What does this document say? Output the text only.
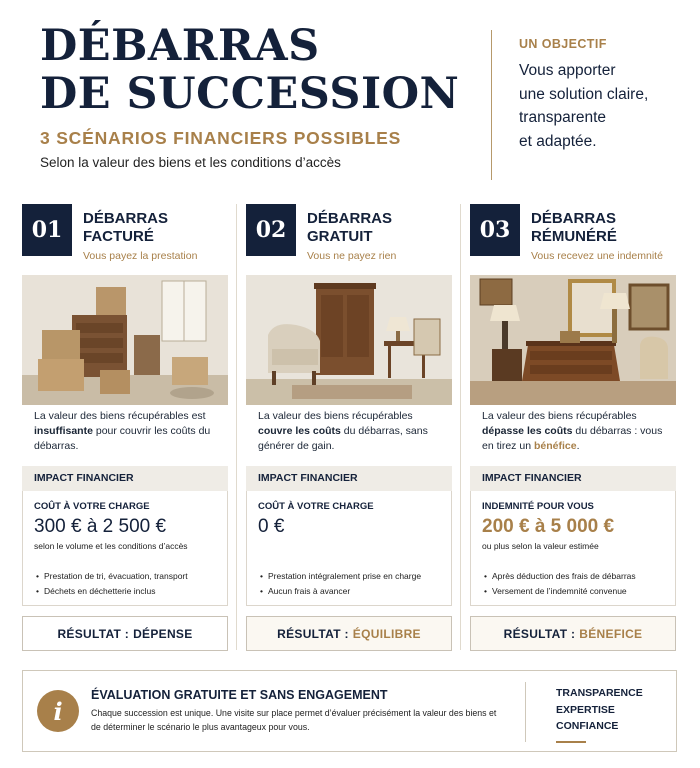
DÉBARRAS
DE SUCCESSION
3 SCÉNARIOS FINANCIERS POSSIBLES
Selon la valeur des biens et les conditions d’accès
UN OBJECTIF
Vous apporter
une solution claire,
transparente
et adaptée.
01	DÉBARRAS
FACTURÉ
Vous payez la prestation
La valeur des biens récupérables est insuffisante pour couvrir les coûts du débarras.
IMPACT FINANCIER
COÛT À VOTRE CHARGE
300 € à 2 500 €
selon le volume et les conditions d’accès
• Prestation de tri, évacuation, transport
• Déchets en déchetterie inclus
RÉSULTAT : DÉPENSE
02	DÉBARRAS
GRATUIT
Vous ne payez rien
La valeur des biens récupérables couvre les coûts du débarras, sans générer de gain.
IMPACT FINANCIER
COÛT À VOTRE CHARGE
0 €
• Prestation intégralement prise en charge
• Aucun frais à avancer
RÉSULTAT : ÉQUILIBRE
03	DÉBARRAS
RÉMUNÉRÉ
Vous recevez une indemnité
La valeur des biens récupérables dépasse les coûts du débarras : vous en tirez un bénéfice.
IMPACT FINANCIER
INDEMNITÉ POUR VOUS
200 € à 5 000 €
ou plus selon la valeur estimée
• Après déduction des frais de débarras
• Versement de l’indemnité convenue
RÉSULTAT : BÉNEFICE
i
ÉVALUATION GRATUITE ET SANS ENGAGEMENT
Chaque succession est unique. Une visite sur place permet d’évaluer précisément la valeur des biens et de déterminer le scénario le plus avantageux pour vous.
TRANSPARENCE
EXPERTISE
CONFIANCE
